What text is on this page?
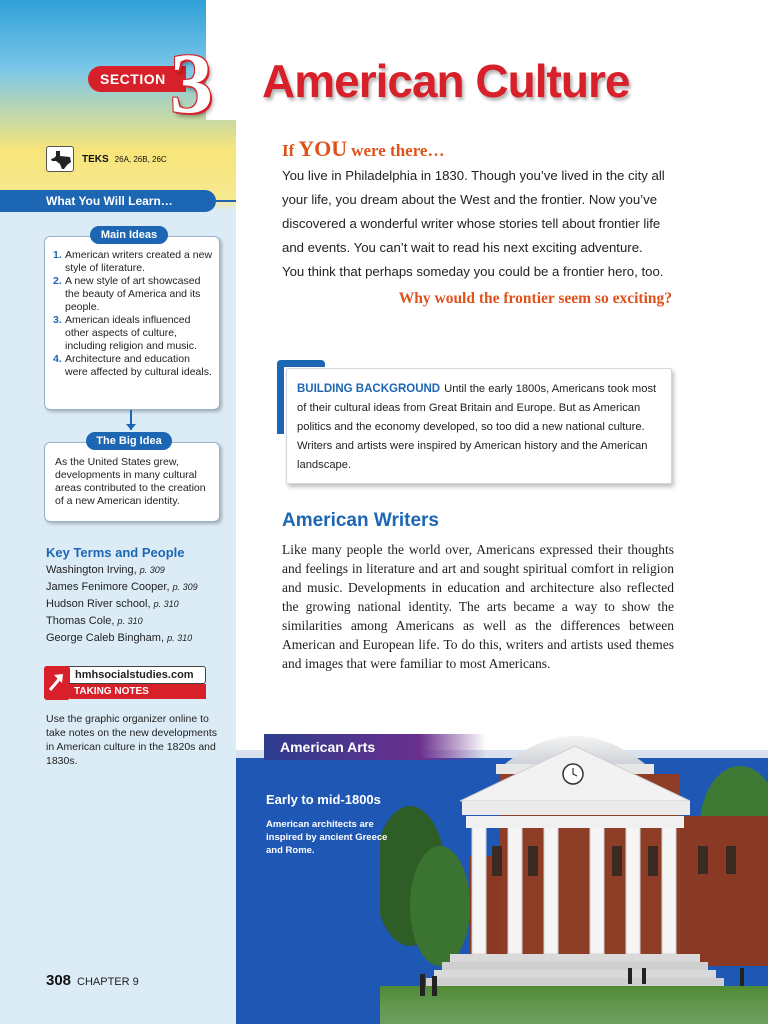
SECTION 3
TEKS 26A, 26B, 26C
What You Will Learn…
1. American writers created a new style of literature.
2. A new style of art showcased the beauty of America and its people.
3. American ideals influenced other aspects of culture, including religion and music.
4. Architecture and education were affected by cultural ideals.
Main Ideas
As the United States grew, developments in many cultural areas contributed to the creation of a new American identity.
The Big Idea
Key Terms and People
Washington Irving, p. 309
James Fenimore Cooper, p. 309
Hudson River school, p. 310
Thomas Cole, p. 310
George Caleb Bingham, p. 310
hmhsocialstudies.com
TAKING NOTES
Use the graphic organizer online to take notes on the new developments in American culture in the 1820s and 1830s.
308 CHAPTER 9
American Culture
If YOU were there…
You live in Philadelphia in 1830. Though you’ve lived in the city all your life, you dream about the West and the frontier. Now you’ve discovered a wonderful writer whose stories tell about frontier life and events. You can’t wait to read his next exciting adventure. You think that perhaps someday you could be a frontier hero, too.
Why would the frontier seem so exciting?
BUILDING BACKGROUND Until the early 1800s, Americans took most of their cultural ideas from Great Britain and Europe. But as American politics and the economy developed, so too did a new national culture. Writers and artists were inspired by American history and the American landscape.
American Writers
Like many people the world over, Americans expressed their thoughts and feelings in literature and art and sought spiritual comfort in religion and music. Developments in education and architecture also reflected the growing national identity. The arts became a way to show the similarities among Americans as well as the differences between American and European life. To do this, writers and artists used themes and images that were familiar to most Americans.
American Arts
Early to mid-1800s
American architects are inspired by ancient Greece and Rome.
